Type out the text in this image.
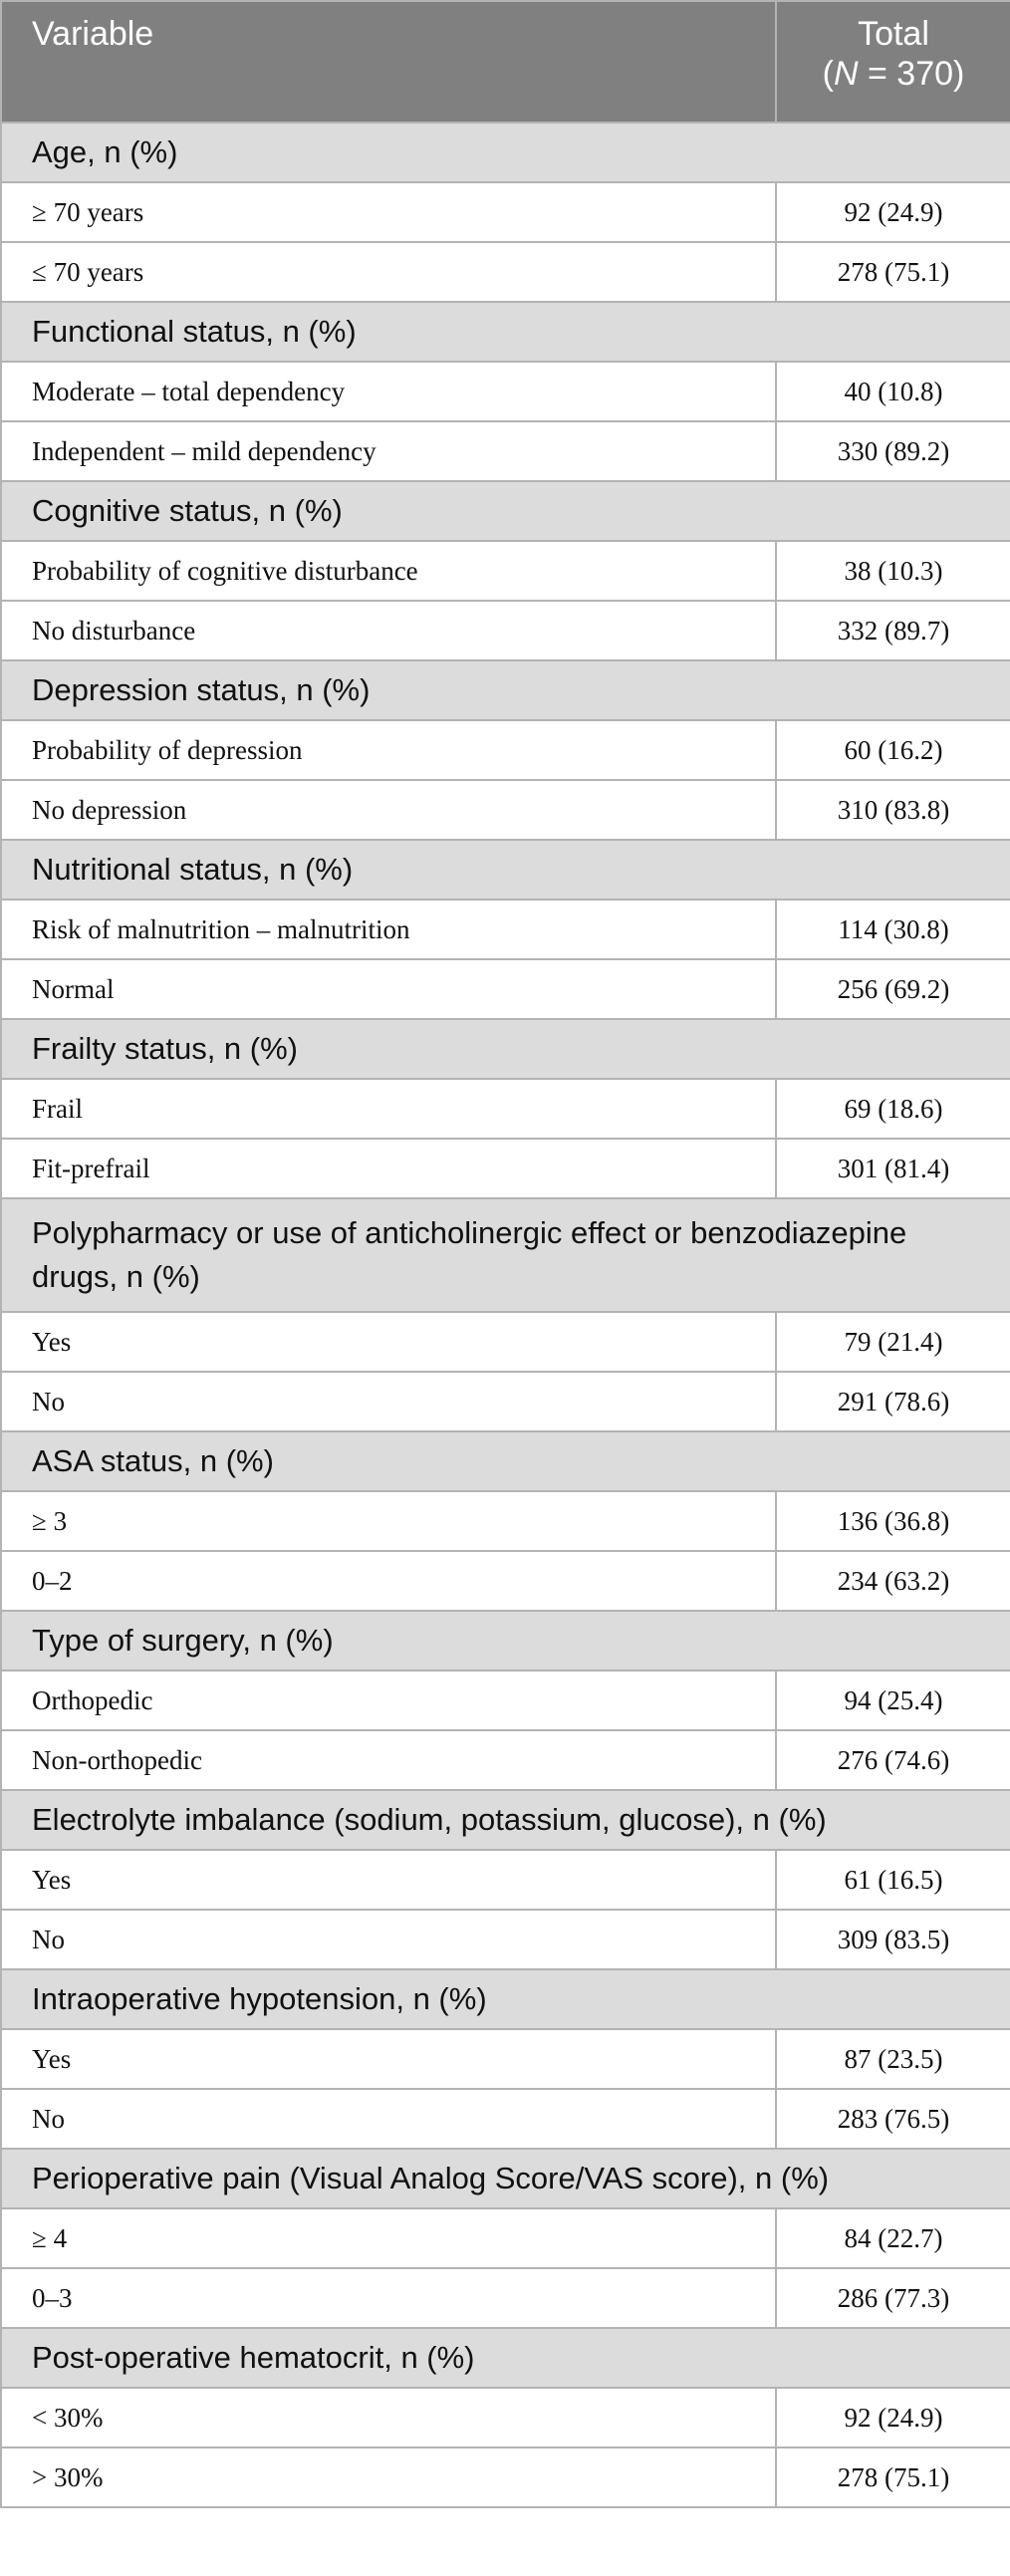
Variable	Total
(N = 370)
Age, n (%)	
≥ 70 years	92 (24.9)
≤ 70 years	278 (75.1)
Functional status, n (%)	
Moderate – total dependency	40 (10.8)
Independent – mild dependency	330 (89.2)
Cognitive status, n (%)	
Probability of cognitive disturbance	38 (10.3)
No disturbance	332 (89.7)
Depression status, n (%)	
Probability of depression	60 (16.2)
No depression	310 (83.8)
Nutritional status, n (%)	
Risk of malnutrition – malnutrition	114 (30.8)
Normal	256 (69.2)
Frailty status, n (%)	
Frail	69 (18.6)
Fit-prefrail	301 (81.4)
Polypharmacy or use of anticholinergic effect or benzodiazepine drugs, n (%)	
Yes	79 (21.4)
No	291 (78.6)
ASA status, n (%)	
≥ 3	136 (36.8)
0–2	234 (63.2)
Type of surgery, n (%)	
Orthopedic	94 (25.4)
Non-orthopedic	276 (74.6)
Electrolyte imbalance (sodium, potassium, glucose), n (%)	
Yes	61 (16.5)
No	309 (83.5)
Intraoperative hypotension, n (%)	
Yes	87 (23.5)
No	283 (76.5)
Perioperative pain (Visual Analog Score/VAS score), n (%)	
≥ 4	84 (22.7)
0–3	286 (77.3)
Post-operative hematocrit, n (%)	
< 30%	92 (24.9)
> 30%	278 (75.1)
